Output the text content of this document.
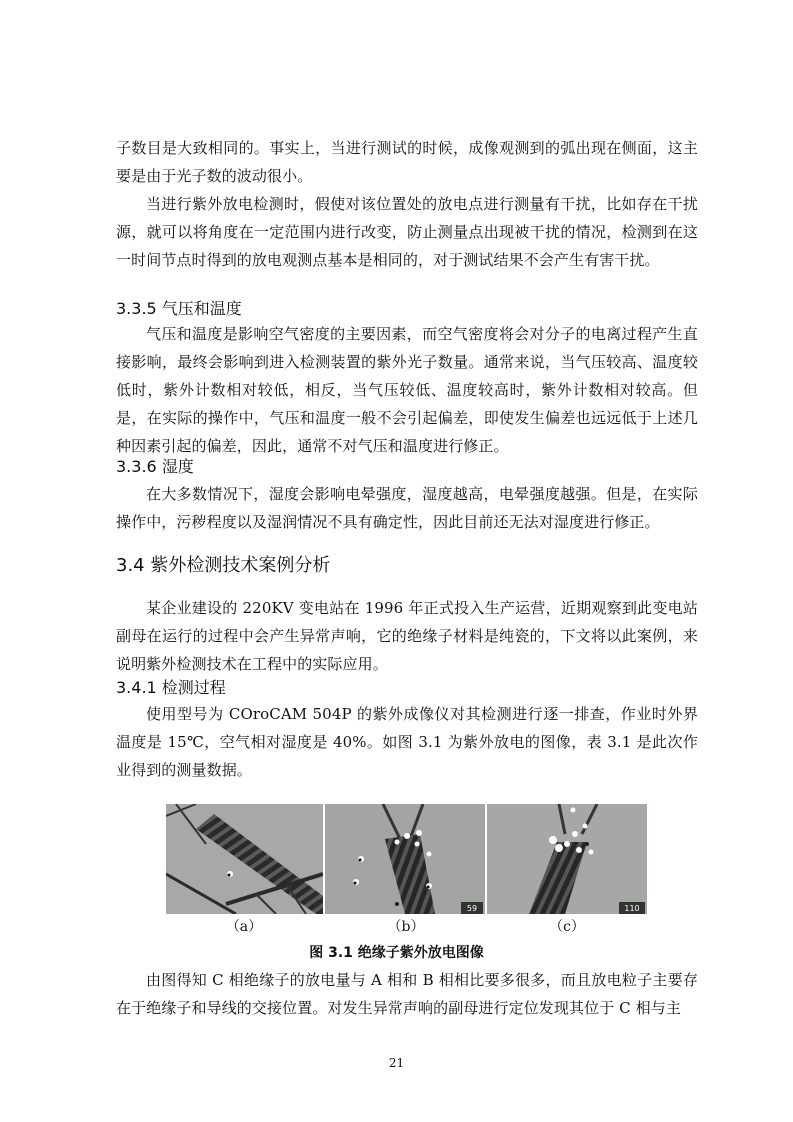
子数目是大致相同的。事实上，当进行测试的时候，成像观测到的弧出现在侧面，这主要是由于光子数的波动很小。
当进行紫外放电检测时，假使对该位置处的放电点进行测量有干扰，比如存在干扰源，就可以将角度在一定范围内进行改变，防止测量点出现被干扰的情况，检测到在这一时间节点时得到的放电观测点基本是相同的，对于测试结果不会产生有害干扰。
3.3.5 气压和温度
气压和温度是影响空气密度的主要因素，而空气密度将会对分子的电离过程产生直接影响，最终会影响到进入检测装置的紫外光子数量。通常来说，当气压较高、温度较低时，紫外计数相对较低，相反，当气压较低、温度较高时，紫外计数相对较高。但是，在实际的操作中，气压和温度一般不会引起偏差，即使发生偏差也远远低于上述几种因素引起的偏差，因此，通常不对气压和温度进行修正。
3.3.6 湿度
在大多数情况下，湿度会影响电晕强度，湿度越高，电晕强度越强。但是，在实际操作中，污秽程度以及湿润情况不具有确定性，因此目前还无法对湿度进行修正。
3.4 紫外检测技术案例分析
某企业建设的 220KV 变电站在 1996 年正式投入生产运营，近期观察到此变电站副母在运行的过程中会产生异常声响，它的绝缘子材料是纯瓷的，下文将以此案例，来说明紫外检测技术在工程中的实际应用。
3.4.1 检测过程
使用型号为 COroCAM 504P 的紫外成像仪对其检测进行逐一排查，作业时外界温度是 15℃，空气相对湿度是 40%。如图 3.1 为紫外放电的图像，表 3.1 是此次作业得到的测量数据。
59	110
（a）	（b）	（c）
图 3.1 绝缘子紫外放电图像
由图得知 C 相绝缘子的放电量与 A 相和 B 相相比要多很多，而且放电粒子主要存在于绝缘子和导线的交接位置。对发生异常声响的副母进行定位发现其位于 C 相与主
21
